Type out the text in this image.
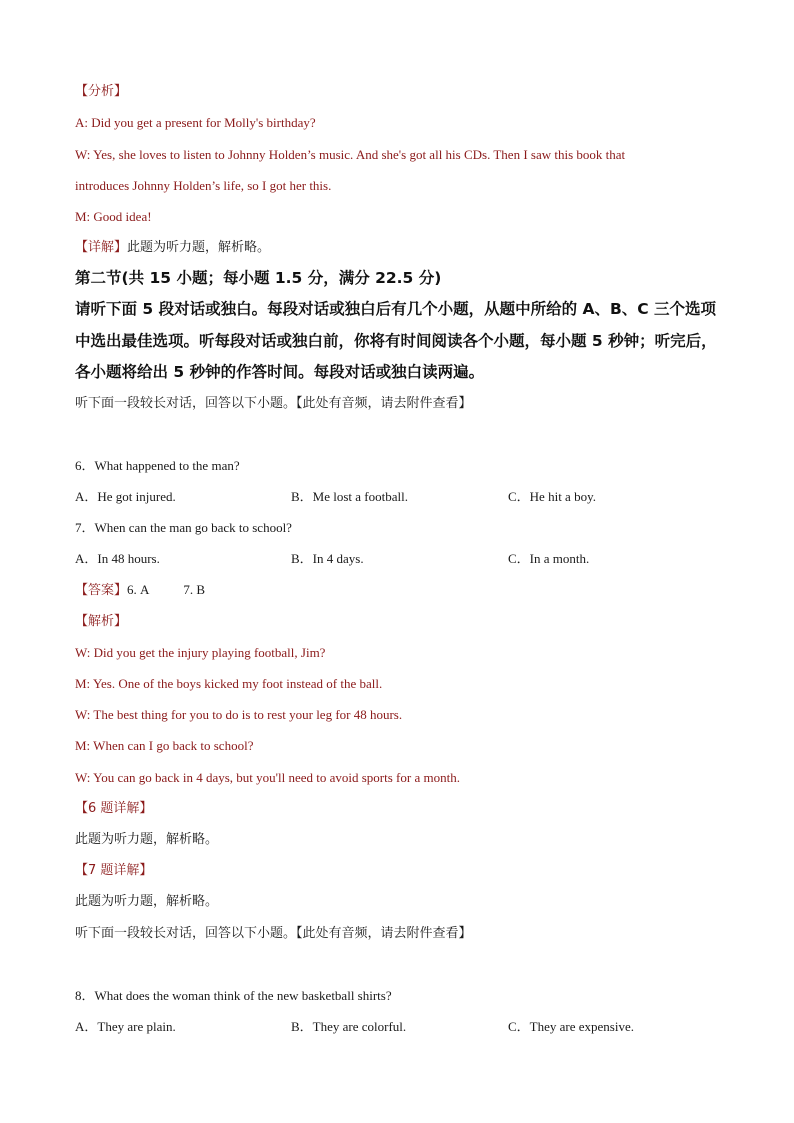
【分析】
A: Did you get a present for Molly's birthday?
W: Yes, she loves to listen to Johnny Holden’s music. And she's got all his CDs. Then I saw this book that
introduces Johnny Holden’s life, so I got her this.
M: Good idea!
【详解】此题为听力题，解析略。
第二节(共 15 小题；每小题 1.5 分，满分 22.5 分)
请听下面 5 段对话或独白。每段对话或独白后有几个小题，从题中所给的 A、B、C 三个选项
中选出最佳选项。听每段对话或独白前，你将有时间阅读各个小题，每小题 5 秒钟；听完后，
各小题将给出 5 秒钟的作答时间。每段对话或独白读两遍。
听下面一段较长对话，回答以下小题。【此处有音频，请去附件查看】
6．What happened to the man?
A．He got injured.	B．Me lost a football.	C．He hit a boy.
7．When can the man go back to school?
A．In 48 hours.	B．In 4 days.	C．In a month.
【答案】6. A	7. B
【解析】
W: Did you get the injury playing football, Jim?
M: Yes. One of the boys kicked my foot instead of the ball.
W: The best thing for you to do is to rest your leg for 48 hours.
M: When can I go back to school?
W: You can go back in 4 days, but you'll need to avoid sports for a month.
【6 题详解】
此题为听力题，解析略。
【7 题详解】
此题为听力题，解析略。
听下面一段较长对话，回答以下小题。【此处有音频，请去附件查看】
8．What does the woman think of the new basketball shirts?
A．They are plain.	B．They are colorful.	C．They are expensive.
